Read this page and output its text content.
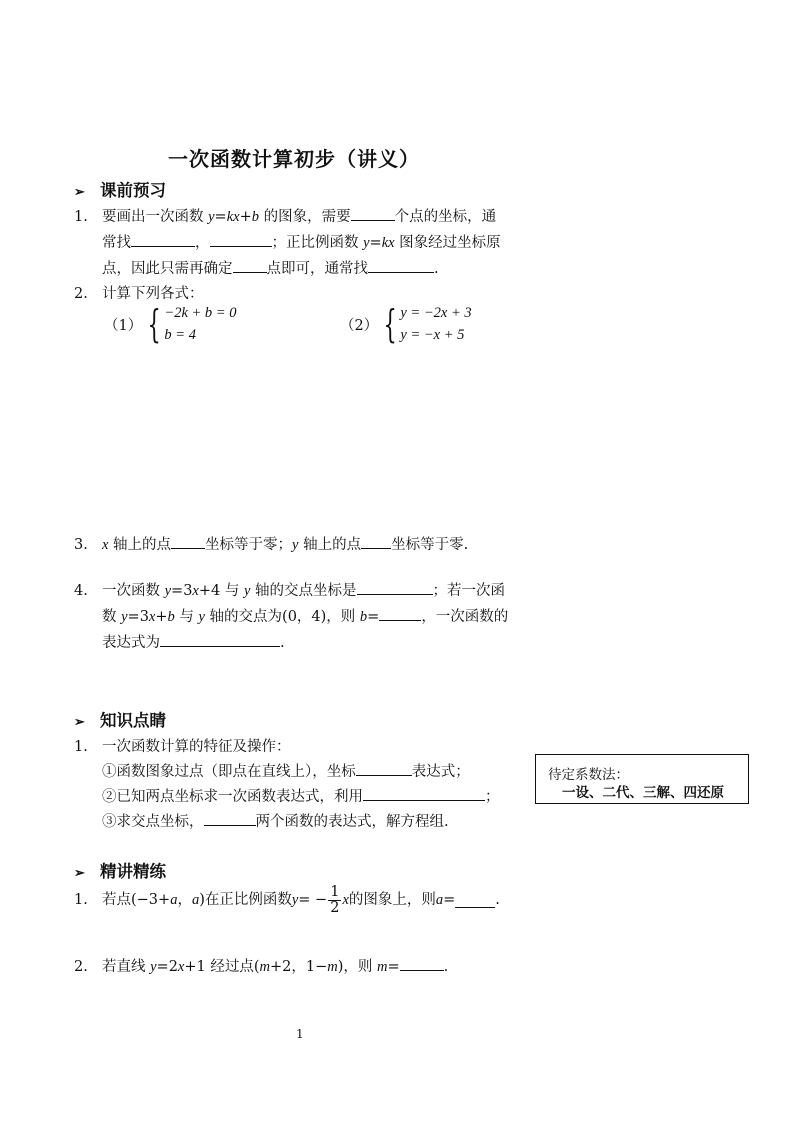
一次函数计算初步（讲义）
➢ 课前预习
1. 要画出一次函数 y=kx+b 的图象，需要	个点的坐标，通
常找	，	；正比例函数 y=kx 图象经过坐标原
点，因此只需再确定 点即可，通常找	.
2. 计算下列各式：
（1） { −2k + b = 0
b = 4
（2） { y = −2x + 3
y = −x + 5
3. x 轴上的点 坐标等于零；y 轴上的点 坐标等于零.
4. 一次函数 y=3x+4 与 y 轴的交点坐标是	；若一次函
数 y=3x+b 与 y 轴的交点为(0，4)，则 b=	，一次函数的
表达式为	.
➢ 知识点睛
1. 一次函数计算的特征及操作：
①函数图象过点（即点在直线上），坐标	表达式；
②已知两点坐标求一次函数表达式，利用	；
③求交点坐标，	两个函数的表达式，解方程组.
待定系数法：
一设、二代、三解、四还原
➢ 精讲精练
1. 若点(−3+ a ， a )在正比例函数 y = − $\frac{1}{2}$ x 的图象上，则 a =	.
2. 若直线 y=2x+1 经过点(m+2，1−m)，则 m=	.
1
